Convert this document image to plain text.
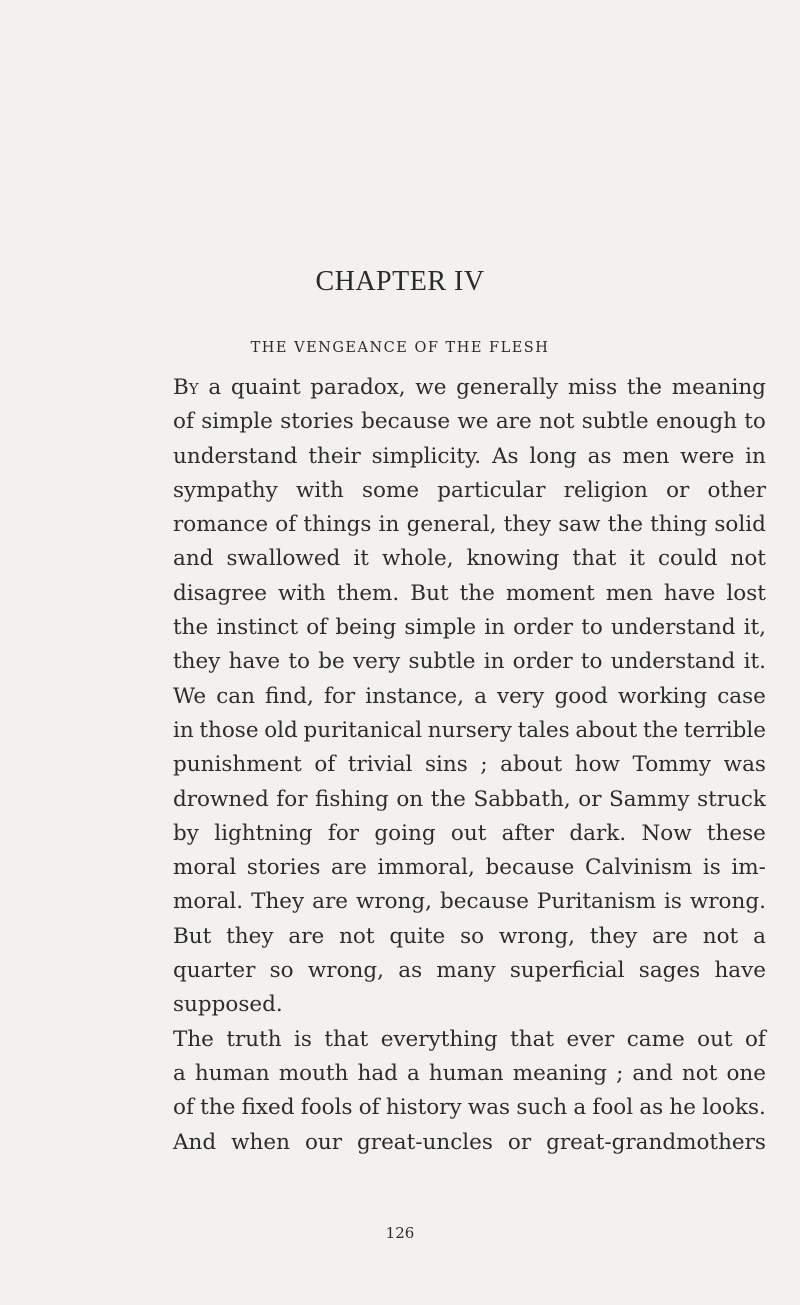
CHAPTER IV
THE VENGEANCE OF THE FLESH
By a quaint paradox, we generally miss the meaning
of simple stories because we are not subtle enough to
understand their simplicity. As long as men were in
sympathy with some particular religion or other
romance of things in general, they saw the thing solid
and swallowed it whole, knowing that it could not
disagree with them. But the moment men have lost
the instinct of being simple in order to understand it,
they have to be very subtle in order to understand it.
We can find, for instance, a very good working case
in those old puritanical nursery tales about the terrible
punishment of trivial sins ; about how Tommy was
drowned for fishing on the Sabbath, or Sammy struck
by lightning for going out after dark. Now these
moral stories are immoral, because Calvinism is im-
moral. They are wrong, because Puritanism is wrong.
But they are not quite so wrong, they are not a
quarter so wrong, as many superficial sages have
supposed.
The truth is that everything that ever came out of
a human mouth had a human meaning ; and not one
of the fixed fools of history was such a fool as he looks.
And when our great-uncles or great-grandmothers
126
